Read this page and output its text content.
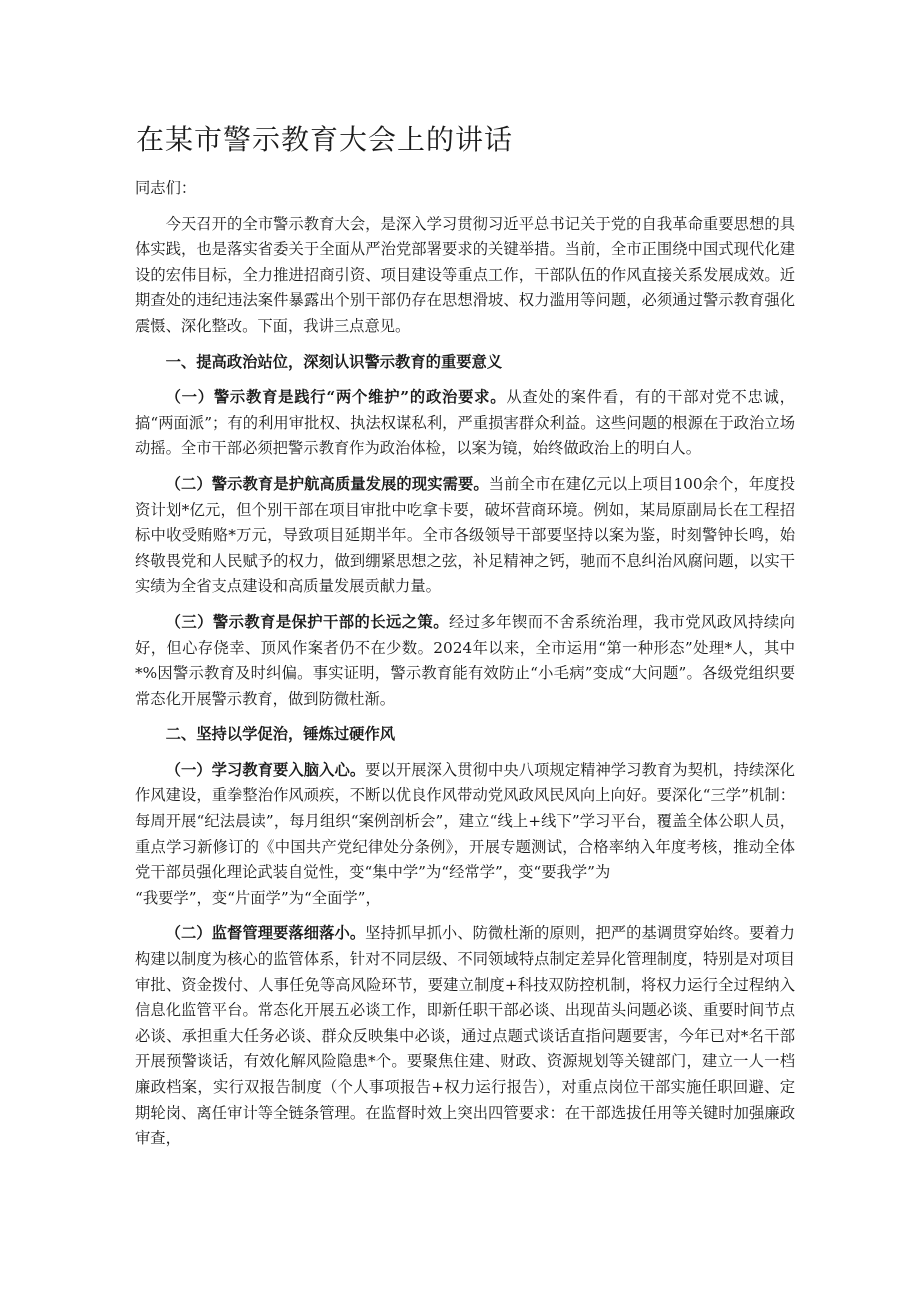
在某市警示教育大会上的讲话

同志们：

今天召开的全市警示教育大会，是深入学习贯彻习近平总书记关于党的自我革命重要思想的具体实践，也是落实省委关于全面从严治党部署要求的关键举措。当前，全市正围绕中国式现代化建设的宏伟目标，全力推进招商引资、项目建设等重点工作，干部队伍的作风直接关系发展成效。近期查处的违纪违法案件暴露出个别干部仍存在思想滑坡、权力滥用等问题，必须通过警示教育强化震慑、深化整改。下面，我讲三点意见。

一、提高政治站位，深刻认识警示教育的重要意义

（一）警示教育是践行“两个维护”的政治要求。从查处的案件看，有的干部对党不忠诚，搞“两面派”；有的利用审批权、执法权谋私利，严重损害群众利益。这些问题的根源在于政治立场动摇。全市干部必须把警示教育作为政治体检，以案为镜，始终做政治上的明白人。

（二）警示教育是护航高质量发展的现实需要。当前全市在建亿元以上项目100余个，年度投资计划*亿元，但个别干部在项目审批中吃拿卡要，破坏营商环境。例如，某局原副局长在工程招标中收受贿赂*万元，导致项目延期半年。全市各级领导干部要坚持以案为鉴，时刻警钟长鸣，始终敬畏党和人民赋予的权力，做到绷紧思想之弦，补足精神之钙，驰而不息纠治风腐问题，以实干实绩为全省支点建设和高质量发展贡献力量。

（三）警示教育是保护干部的长远之策。经过多年锲而不舍系统治理，我市党风政风持续向好，但心存侥幸、顶风作案者仍不在少数。2024年以来，全市运用“第一种形态”处理*人，其中*%因警示教育及时纠偏。事实证明，警示教育能有效防止“小毛病”变成“大问题”。各级党组织要常态化开展警示教育，做到防微杜渐。

二、坚持以学促治，锤炼过硬作风

（一）学习教育要入脑入心。要以开展深入贯彻中央八项规定精神学习教育为契机，持续深化作风建设，重拳整治作风顽疾，不断以优良作风带动党风政风民风向上向好。要深化“三学”机制：每周开展“纪法晨读”，每月组织“案例剖析会”，建立“线上+线下”学习平台，覆盖全体公职人员，重点学习新修订的《中国共产党纪律处分条例》，开展专题测试，合格率纳入年度考核，推动全体党干部员强化理论武装自觉性，变“集中学”为“经常学”，变“要我学”为

“我要学”，变“片面学”为“全面学”，

（二）监督管理要落细落小。坚持抓早抓小、防微杜渐的原则，把严的基调贯穿始终。要着力构建以制度为核心的监管体系，针对不同层级、不同领域特点制定差异化管理制度，特别是对项目审批、资金拨付、人事任免等高风险环节，要建立制度+科技双防控机制，将权力运行全过程纳入信息化监管平台。常态化开展五必谈工作，即新任职干部必谈、出现苗头问题必谈、重要时间节点必谈、承担重大任务必谈、群众反映集中必谈，通过点题式谈话直指问题要害，今年已对*名干部开展预警谈话，有效化解风险隐患*个。要聚焦住建、财政、资源规划等关键部门，建立一人一档廉政档案，实行双报告制度（个人事项报告+权力运行报告），对重点岗位干部实施任职回避、定期轮岗、离任审计等全链条管理。在监督时效上突出四管要求：在干部选拔任用等关键时加强廉政审查，
